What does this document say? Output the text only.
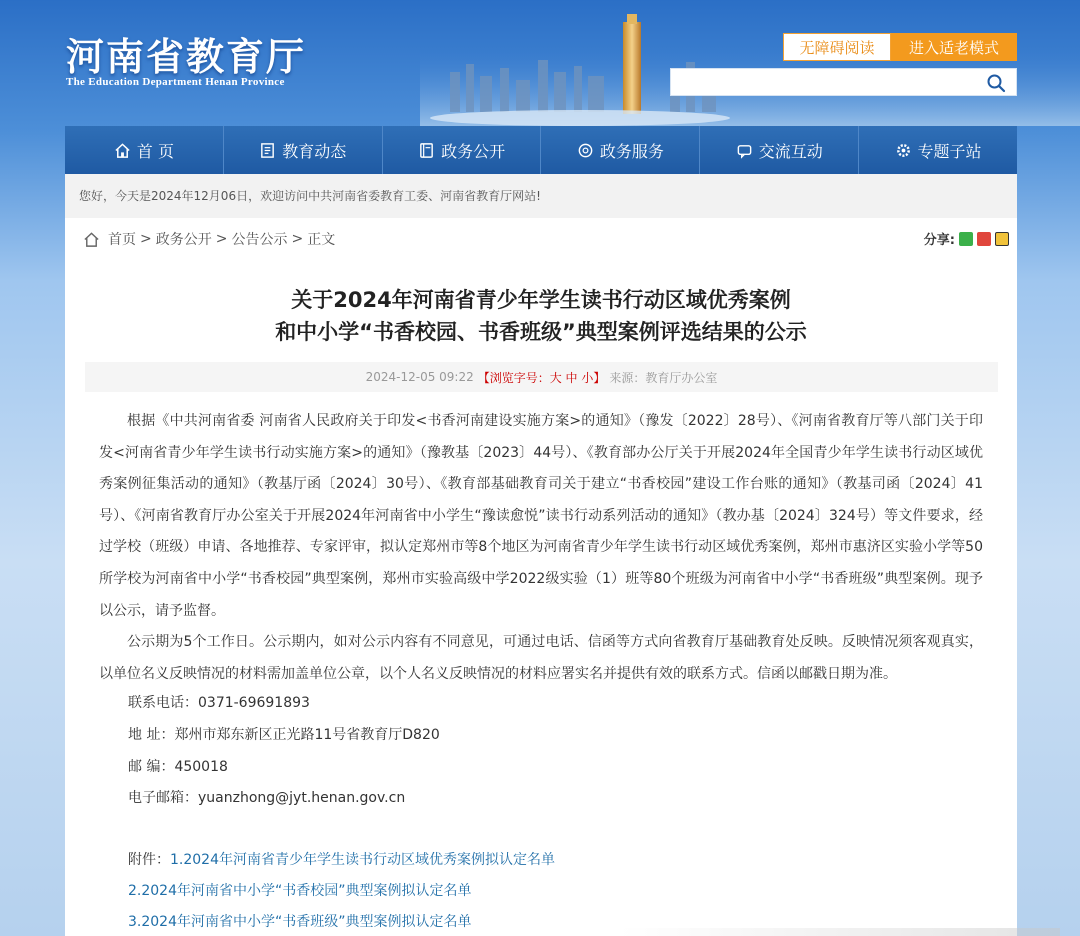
河南省教育厅
The Education Department Henan Province
无障碍阅读	进入适老模式
首 页	教育动态	政务公开	政务服务	交流互动	专题子站
您好，今天是2024年12月06日，欢迎访问中共河南省委教育工委、河南省教育厅网站!
首页 > 政务公开 > 公告公示 > 正文	分享:
关于2024年河南省青少年学生读书行动区域优秀案例
和中小学“书香校园、书香班级”典型案例评选结果的公示
2024-12-05 09:22 【浏览字号：大 中 小】 来源：教育厅办公室

根据《中共河南省委 河南省人民政府关于印发<书香河南建设实施方案>的通知》（豫发〔2022〕28号）、《河南省教育厅等八部门关于印发<河南省青少年学生读书行动实施方案>的通知》（豫教基〔2023〕44号）、《教育部办公厅关于开展2024年全国青少年学生读书行动区域优秀案例征集活动的通知》（教基厅函〔2024〕30号）、《教育部基础教育司关于建立“书香校园”建设工作台账的通知》（教基司函〔2024〕41号）、《河南省教育厅办公室关于开展2024年河南省中小学生“豫读愈悦”读书行动系列活动的通知》（教办基〔2024〕324号）等文件要求，经过学校（班级）申请、各地推荐、专家评审，拟认定郑州市等8个地区为河南省青少年学生读书行动区域优秀案例，郑州市惠济区实验小学等50所学校为河南省中小学“书香校园”典型案例，郑州市实验高级中学2022级实验（1）班等80个班级为河南省中小学“书香班级”典型案例。现予以公示，请予监督。

公示期为5个工作日。公示期内，如对公示内容有不同意见，可通过电话、信函等方式向省教育厅基础教育处反映。反映情况须客观真实，以单位名义反映情况的材料需加盖单位公章，以个人名义反映情况的材料应署实名并提供有效的联系方式。信函以邮戳日期为准。

联系电话：0371-69691893
地 址：郑州市郑东新区正光路11号省教育厅D820
邮 编：450018
电子邮箱：yuanzhong@jyt.henan.gov.cn
附件：1.2024年河南省青少年学生读书行动区域优秀案例拟认定名单
2.2024年河南省中小学“书香校园”典型案例拟认定名单
3.2024年河南省中小学“书香班级”典型案例拟认定名单
